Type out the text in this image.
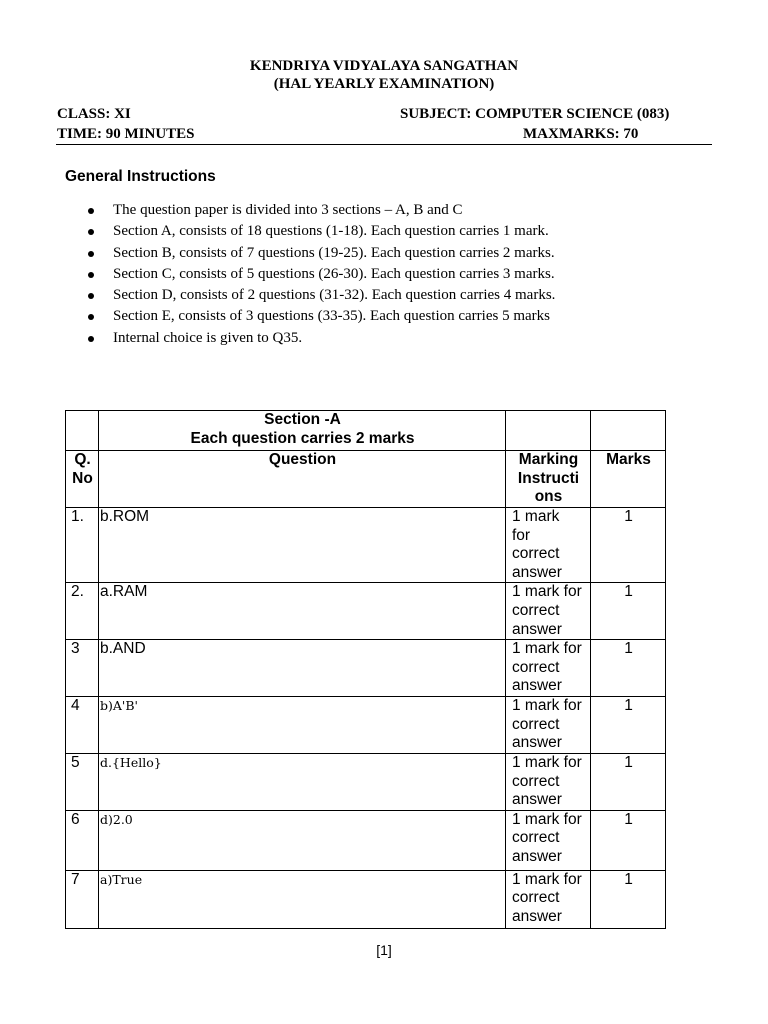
KENDRIYA VIDYALAYA SANGATHAN
(HAL YEARLY EXAMINATION)
CLASS: XI	SUBJECT: COMPUTER SCIENCE (083)
TIME: 90 MINUTES	MAXMARKS: 70
General Instructions
The question paper is divided into 3 sections – A, B and C
Section A, consists of 18 questions (1-18). Each question carries 1 mark.
Section B, consists of 7 questions (19-25). Each question carries 2 marks.
Section C, consists of 5 questions (26-30). Each question carries 3 marks.
Section D, consists of 2 questions (31-32). Each question carries 4 marks.
Section E, consists of 3 questions (33-35). Each question carries 5 marks
Internal choice is given to Q35.

	Section -A
Each question carries 2 marks		

Q. No	Question	Marking Instructi ons	Marks
1.	b.ROM	1 mark for correct answer	1
2.	a.RAM	1 mark for correct answer	1
3	b.AND	1 mark for correct answer	1
4	b)A'B'	1 mark for correct answer	1
5	d.{Hello}	1 mark for correct answer	1
6	d)2.0	1 mark for correct answer	1
7	a)True	1 mark for correct answer	1
[1]
